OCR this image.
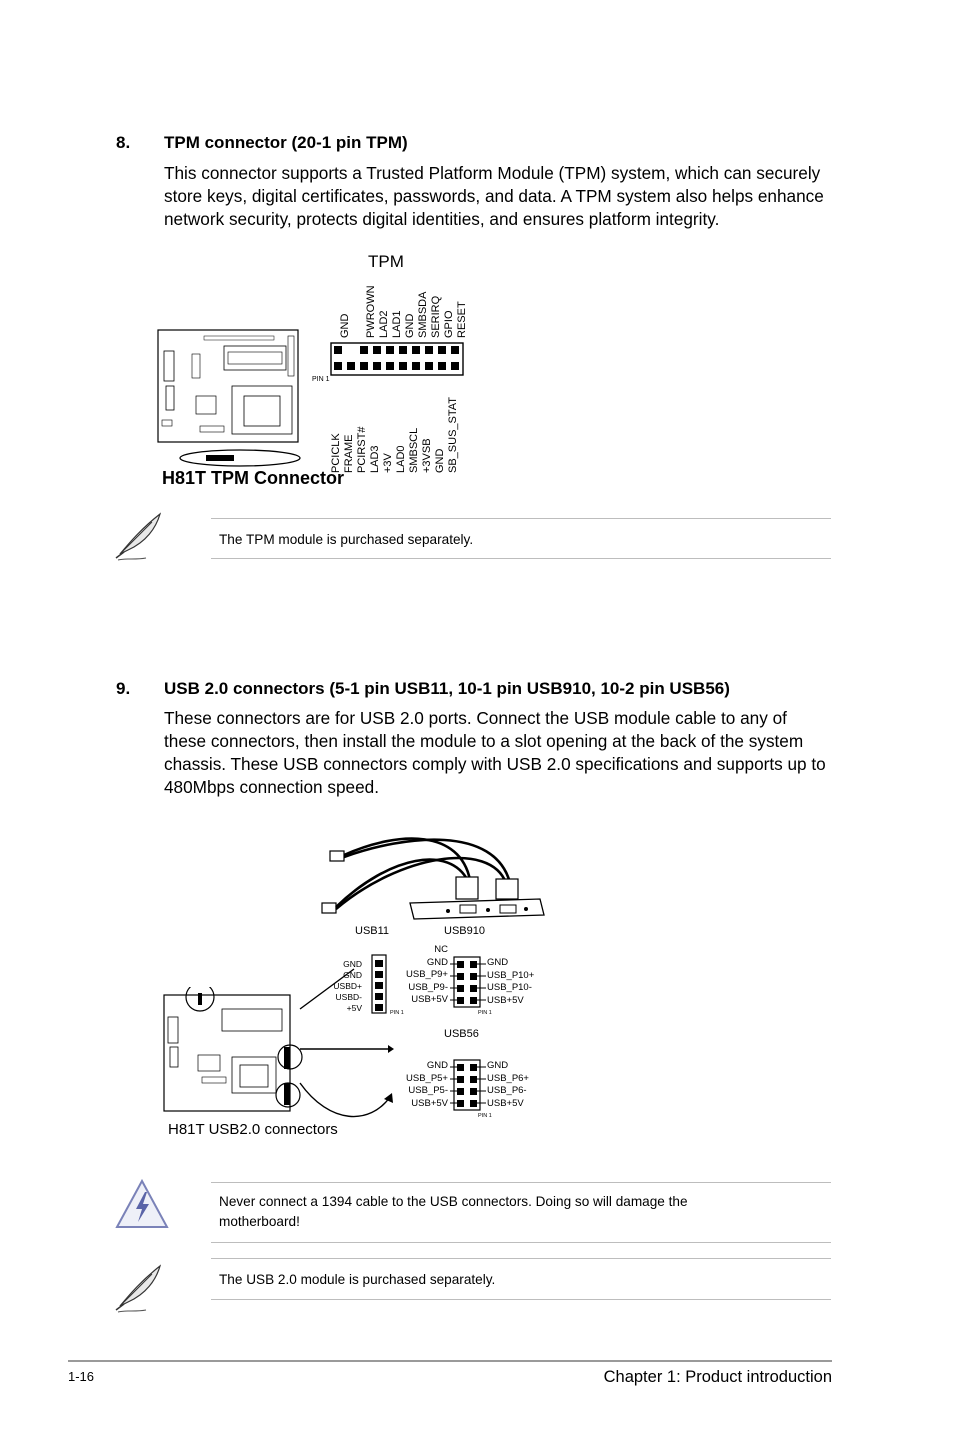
8. TPM connector (20-1 pin TPM)
This connector supports a Trusted Platform Module (TPM) system, which can securely
store keys, digital certificates, passwords, and data. A TPM system also helps enhance
network security, protects digital identities, and ensures platform integrity.
TPM
H81T TPM Connector
PIN 1
GND PWROWN LAD2 LAD1 GND SMBSDA SERIRQ GPIO RESET
PCICLK FRAME PCIRST# LAD3 +3V LAD0 SMBSCL +3VSB GND SB_SUS_STAT
The TPM module is purchased separately.
9. USB 2.0 connectors (5-1 pin USB11, 10-1 pin USB910, 10-2 pin USB56)
These connectors are for USB 2.0 ports. Connect the USB module cable to any of
these connectors, then install the module to a slot opening at the back of the system
chassis. These USB connectors comply with USB 2.0 specifications and supports up to
480Mbps connection speed.
USB11
GND
GND
USBD+
USBD-
+5V	PIN 1
USB910
NC
GND
USB_P9+
USB_P9-
USB+5V
GND
USB_P10+
USB_P10-
USB+5V
PIN 1
USB56
GND
USB_P5+
USB_P5-
USB+5V
GND
USB_P6+
USB_P6-
USB+5V
PIN 1
H81T USB2.0 connectors
Never connect a 1394 cable to the USB connectors. Doing so will damage the
motherboard!
The USB 2.0 module is purchased separately.
1-16	Chapter 1: Product introduction
